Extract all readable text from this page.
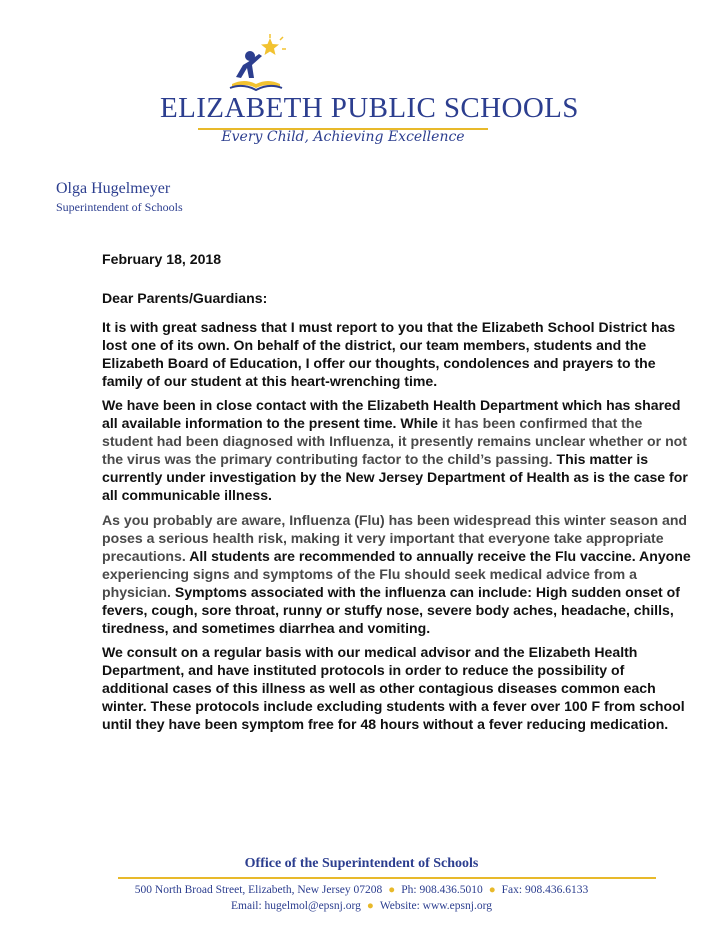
ELIZABETH PUBLIC SCHOOLS
Every Child, Achieving Excellence
Olga Hugelmeyer
Superintendent of Schools
February 18, 2018
Dear Parents/Guardians:
It is with great sadness that I must report to you that the Elizabeth School District has lost one of its own. On behalf of the district, our team members, students and the Elizabeth Board of Education, I offer our thoughts, condolences and prayers to the family of our student at this heart-wrenching time.
We have been in close contact with the Elizabeth Health Department which has shared all available information to the present time. While it has been confirmed that the student had been diagnosed with Influenza, it presently remains unclear whether or not the virus was the primary contributing factor to the child’s passing. This matter is currently under investigation by the New Jersey Department of Health as is the case for all communicable illness.
As you probably are aware, Influenza (Flu) has been widespread this winter season and poses a serious health risk, making it very important that everyone take appropriate precautions. All students are recommended to annually receive the Flu vaccine. Anyone experiencing signs and symptoms of the Flu should seek medical advice from a physician. Symptoms associated with the influenza can include: High sudden onset of fevers, cough, sore throat, runny or stuffy nose, severe body aches, headache, chills, tiredness, and sometimes diarrhea and vomiting.
We consult on a regular basis with our medical advisor and the Elizabeth Health Department, and have instituted protocols in order to reduce the possibility of additional cases of this illness as well as other contagious diseases common each winter. These protocols include excluding students with a fever over 100 F from school until they have been symptom free for 48 hours without a fever reducing medication.
Office of the Superintendent of Schools
500 North Broad Street, Elizabeth, New Jersey 07208 ● Ph: 908.436.5010 ● Fax: 908.436.6133
Email: hugelmol@epsnj.org ● Website: www.epsnj.org
